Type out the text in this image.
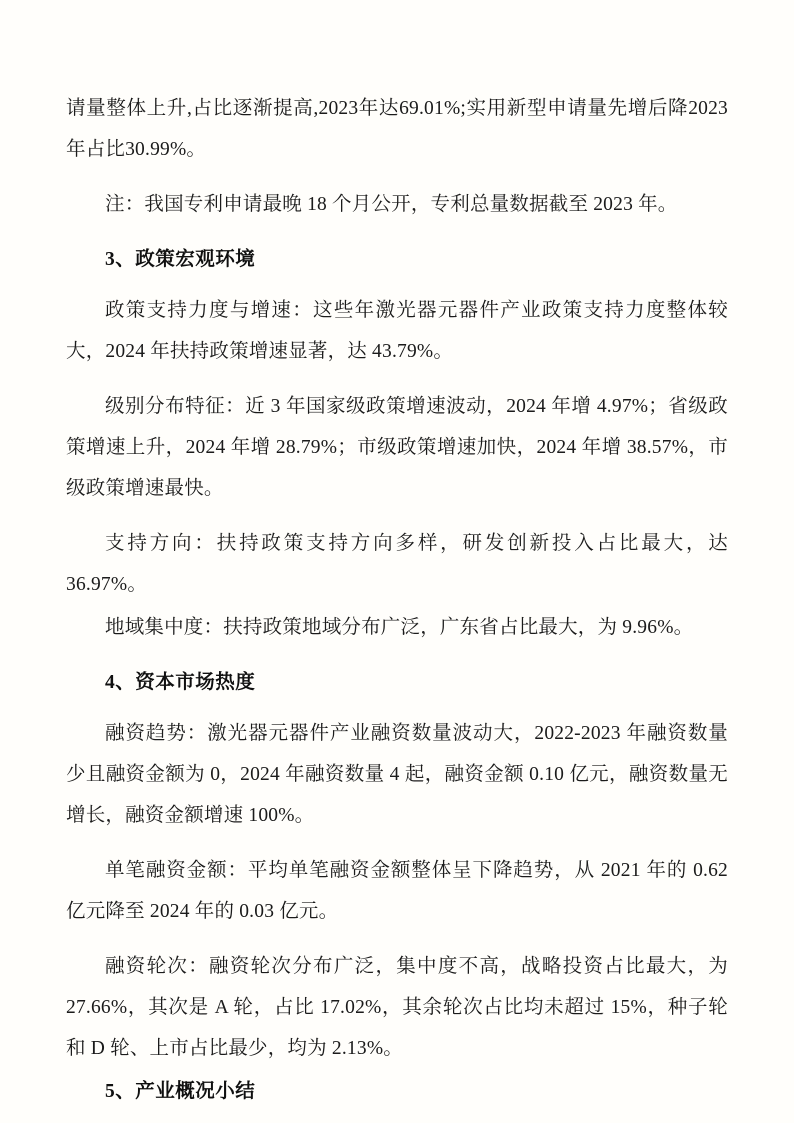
请量整体上升,占比逐渐提高,2023年达69.01%;实用新型申请量先增后降2023年占比30.99%。

注：我国专利申请最晚 18 个月公开，专利总量数据截至 2023 年。

3、政策宏观环境

政策支持力度与增速：这些年激光器元器件产业政策支持力度整体较大，2024 年扶持政策增速显著，达 43.79%。

级别分布特征：近 3 年国家级政策增速波动，2024 年增 4.97%；省级政策增速上升，2024 年增 28.79%；市级政策增速加快，2024 年增 38.57%，市级政策增速最快。

支持方向：扶持政策支持方向多样，研发创新投入占比最大，达 36.97%。

地域集中度：扶持政策地域分布广泛，广东省占比最大，为 9.96%。

4、资本市场热度

融资趋势：激光器元器件产业融资数量波动大，2022-2023 年融资数量少且融资金额为 0，2024 年融资数量 4 起，融资金额 0.10 亿元，融资数量无增长，融资金额增速 100%。

单笔融资金额：平均单笔融资金额整体呈下降趋势，从 2021 年的 0.62 亿元降至 2024 年的 0.03 亿元。

融资轮次：融资轮次分布广泛，集中度不高，战略投资占比最大，为 27.66%，其次是 A 轮，占比 17.02%，其余轮次占比均未超过 15%，种子轮和 D 轮、上市占比最少，均为 2.13%。

5、产业概况小结
